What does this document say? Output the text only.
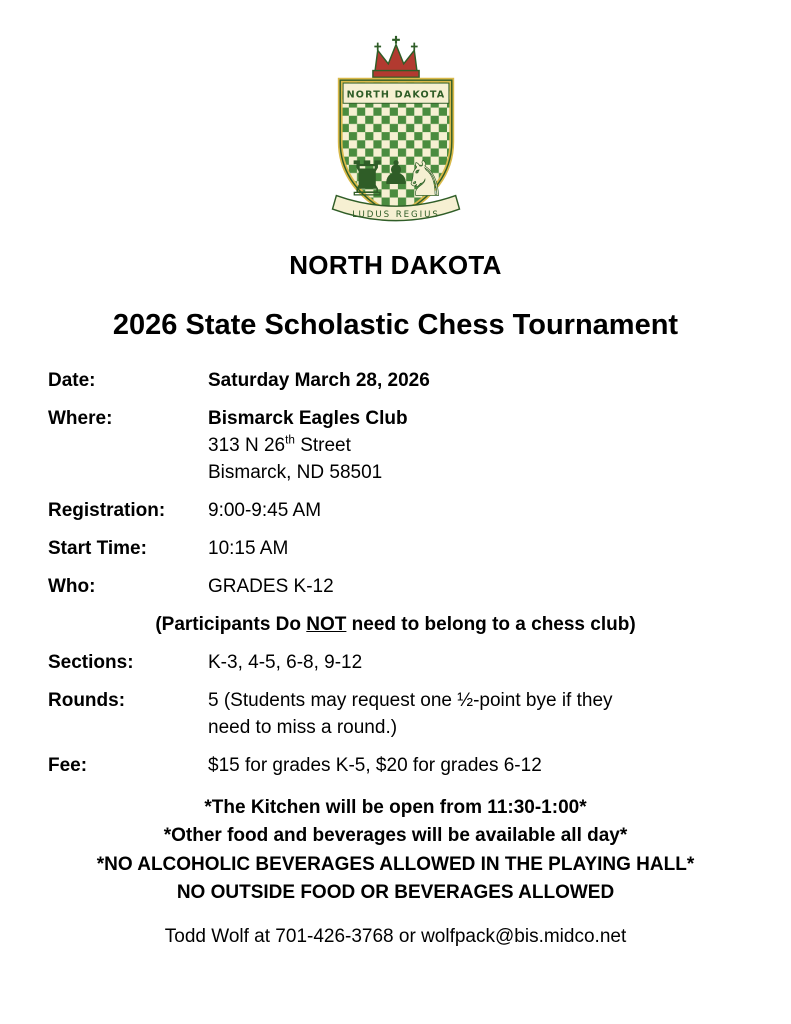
NORTH DAKOTA
♜
♟
♞
LUDUS REGIUS
NORTH DAKOTA
2026 State Scholastic Chess Tournament
Date:	Saturday March 28, 2026
Where:	Bismarck Eagles Club
313 N 26th Street
Bismarck, ND 58501
Registration:	9:00-9:45 AM
Start Time:	10:15 AM
Who:	GRADES K-12

(Participants Do NOT need to belong to a chess club)

Sections:	K-3, 4-5, 6-8, 9-12
Rounds:	5 (Students may request one ½-point bye if they need to miss a round.)
Fee:	$15 for grades K-5, $20 for grades 6-12

*The Kitchen will be open from 11:30-1:00*

*Other food and beverages will be available all day*

*NO ALCOHOLIC BEVERAGES ALLOWED IN THE PLAYING HALL*

NO OUTSIDE FOOD OR BEVERAGES ALLOWED

Todd Wolf at 701-426-3768 or wolfpack@bis.midco.net
